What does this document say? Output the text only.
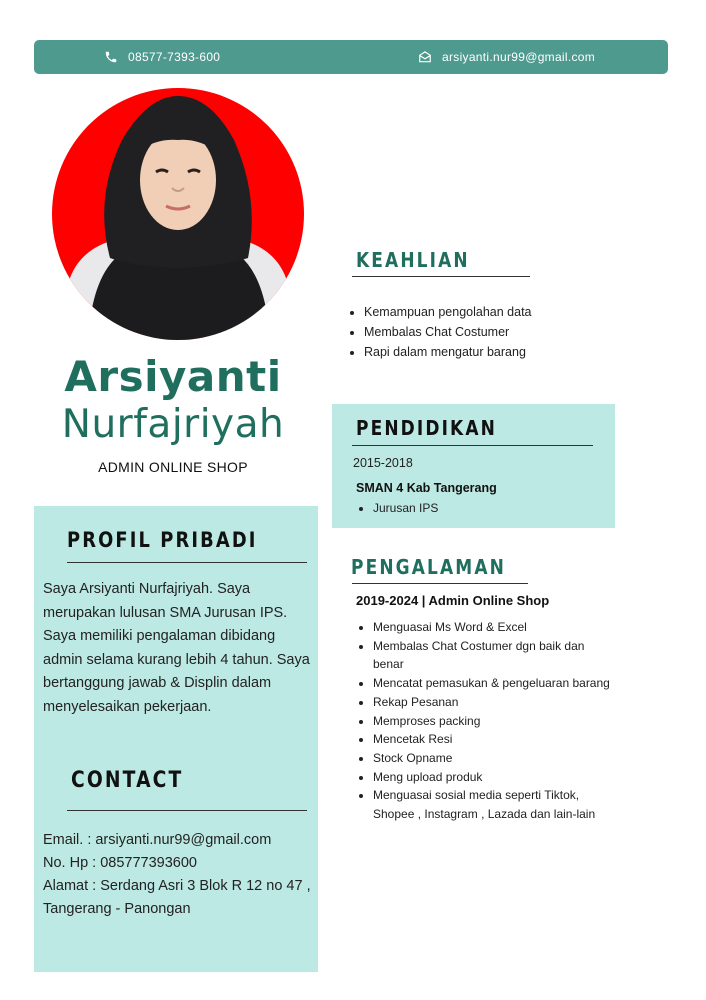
08577-7393-600	arsiyanti.nur99@gmail.com
Arsiyanti
Nurfajriyah
ADMIN ONLINE SHOP
PROFIL PRIBADI
Saya Arsiyanti Nurfajriyah. Saya merupakan lulusan SMA Jurusan IPS. Saya memiliki pengalaman dibidang admin selama kurang lebih 4 tahun. Saya bertanggung jawab & Displin dalam menyelesaikan pekerjaan.
CONTACT
Email. : arsiyanti.nur99@gmail.com
No. Hp : 085777393600
Alamat : Serdang Asri 3 Blok R 12 no 47 , Tangerang - Panongan
KEAHLIAN
• Kemampuan pengolahan data
• Membalas Chat Costumer
• Rapi dalam mengatur barang
PENDIDIKAN
2015-2018
SMAN 4 Kab Tangerang
• Jurusan IPS
PENGALAMAN
2019-2024 | Admin Online Shop
• Menguasai Ms Word & Excel
• Membalas Chat Costumer dgn baik dan benar
• Mencatat pemasukan & pengeluaran barang
• Rekap Pesanan
• Memproses packing
• Mencetak Resi
• Stock Opname
• Meng upload produk
• Menguasai sosial media seperti Tiktok, Shopee , Instagram , Lazada dan lain-lain
